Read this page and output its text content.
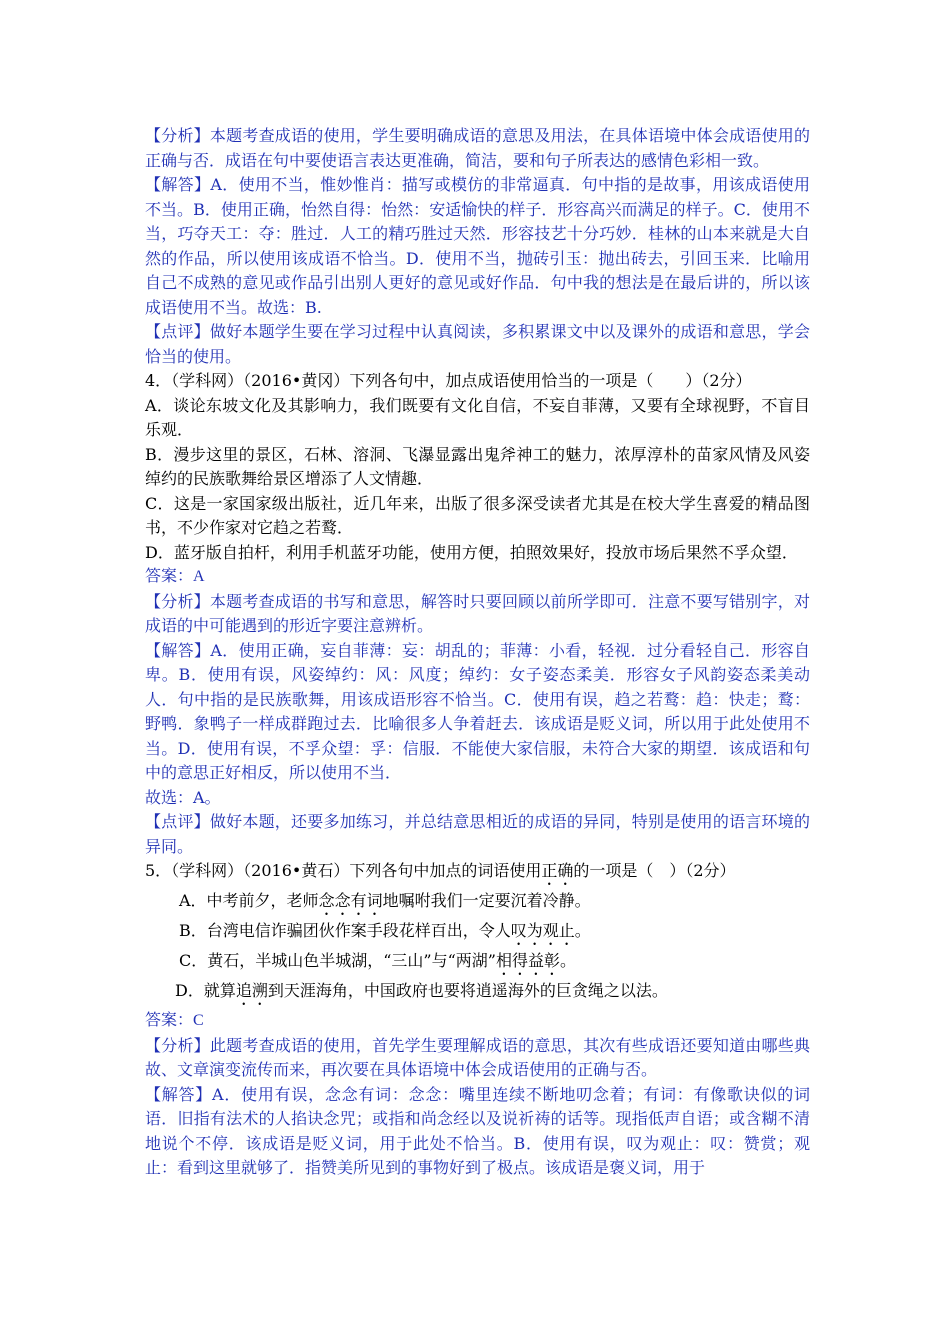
【分析】本题考查成语的使用，学生要明确成语的意思及用法，在具体语境中体会成语使用的正确与否．成语在句中要使语言表达更准确，简洁，要和句子所表达的感情色彩相一致。

【解答】A．使用不当，惟妙惟肖：描写或模仿的非常逼真．句中指的是故事，用该成语使用不当。B．使用正确，怡然自得：怡然：安适愉快的样子．形容高兴而满足的样子。C．使用不当，巧夺天工：夺：胜过．人工的精巧胜过天然．形容技艺十分巧妙．桂林的山本来就是大自然的作品，所以使用该成语不恰当。D．使用不当，抛砖引玉：抛出砖去，引回玉来．比喻用自己不成熟的意见或作品引出别人更好的意见或好作品．句中我的想法是在最后讲的，所以该成语使用不当。故选：B.

【点评】做好本题学生要在学习过程中认真阅读，多积累课文中以及课外的成语和意思，学会恰当的使用。

4．（学科网）（2016•黄冈）下列各句中，加点成语使用恰当的一项是（　　）（2分）

A．谈论东坡文化及其影响力，我们既要有文化自信，不妄自菲薄，又要有全球视野，不盲目乐观．

B．漫步这里的景区，石林、溶洞、飞瀑显露出鬼斧神工的魅力，浓厚淳朴的苗家风情及风姿绰约的民族歌舞给景区增添了人文情趣．

C．这是一家国家级出版社，近几年来，出版了很多深受读者尤其是在校大学生喜爱的精品图书，不少作家对它趋之若鹜．

D．蓝牙版自拍杆，利用手机蓝牙功能，使用方便，拍照效果好，投放市场后果然不孚众望．

答案：A

【分析】本题考查成语的书写和意思，解答时只要回顾以前所学即可．注意不要写错别字，对成语的中可能遇到的形近字要注意辨析。

【解答】A．使用正确，妄自菲薄：妄：胡乱的；菲薄：小看，轻视．过分看轻自己．形容自卑。B．使用有误，风姿绰约：风：风度；绰约：女子姿态柔美．形容女子风韵姿态柔美动人．句中指的是民族歌舞，用该成语形容不恰当。C．使用有误，趋之若鹜：趋：快走；鹜：野鸭．象鸭子一样成群跑过去．比喻很多人争着赶去．该成语是贬义词，所以用于此处使用不当。D．使用有误，不孚众望：孚：信服．不能使大家信服，未符合大家的期望．该成语和句中的意思正好相反，所以使用不当．

故选：A。

【点评】做好本题，还要多加练习，并总结意思相近的成语的异同，特别是使用的语言环境的异同。

5．（学科网）（2016•黄石）下列各句中加点的词语使用正确的一项是（　）（2分）

A．中考前夕，老师念念有词地嘱咐我们一定要沉着冷静。

B．台湾电信诈骗团伙作案手段花样百出，令人叹为观止。

C．黄石，半城山色半城湖，“三山”与“两湖”相得益彰。

D．就算追溯到天涯海角，中国政府也要将逍遥海外的巨贪绳之以法。

答案：C

【分析】此题考查成语的使用，首先学生要理解成语的意思，其次有些成语还要知道由哪些典故、文章演变流传而来，再次要在具体语境中体会成语使用的正确与否。

【解答】A．使用有误，念念有词：念念：嘴里连续不断地叨念着；有词：有像歌诀似的词语．旧指有法术的人掐诀念咒；或指和尚念经以及说祈祷的话等。现指低声自语；或含糊不清地说个不停．该成语是贬义词，用于此处不恰当。B．使用有误，叹为观止：叹：赞赏；观止：看到这里就够了．指赞美所见到的事物好到了极点。该成语是褒义词，用于
